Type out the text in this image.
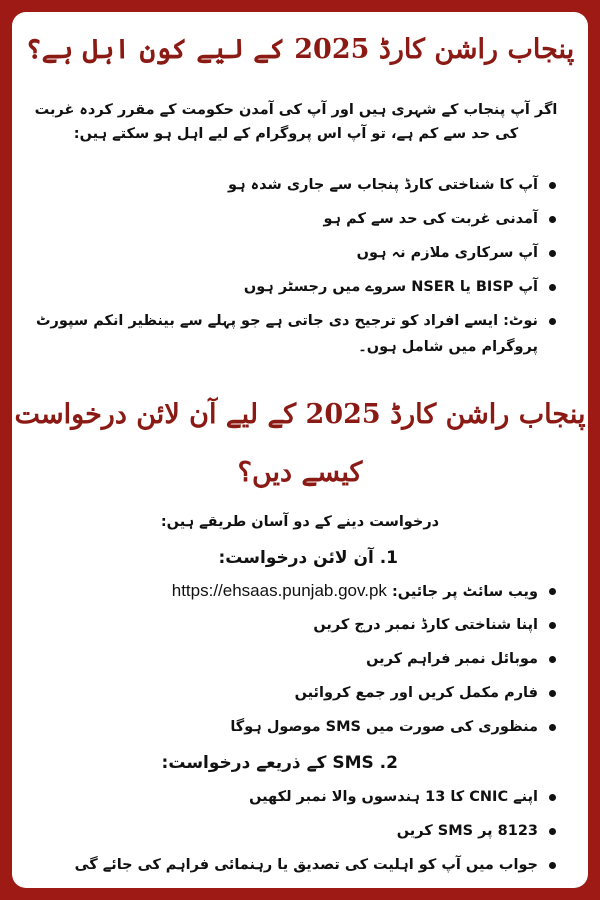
پنجاب راشن کارڈ 2025 کے لیے کون اہل ہے؟
اگر آپ پنجاب کے شہری ہیں اور آپ کی آمدن حکومت کے مقرر کردہ غربت کی حد سے کم ہے، تو آپ اس پروگرام کے لیے اہل ہو سکتے ہیں:
آپ کا شناختی کارڈ پنجاب سے جاری شدہ ہو
آمدنی غربت کی حد سے کم ہو
آپ سرکاری ملازم نہ ہوں
آپ BISP یا NSER سروے میں رجسٹر ہوں
نوٹ: ایسے افراد کو ترجیح دی جاتی ہے جو پہلے سے بینظیر انکم سپورٹ پروگرام میں شامل ہوں۔
پنجاب راشن کارڈ 2025 کے لیے آن لائن درخواست کیسے دیں؟
درخواست دینے کے دو آسان طریقے ہیں:
1. آن لائن درخواست:
ویب سائٹ پر جائیں: https://ehsaas.punjab.gov.pk
اپنا شناختی کارڈ نمبر درج کریں
موبائل نمبر فراہم کریں
فارم مکمل کریں اور جمع کروائیں
منظوری کی صورت میں SMS موصول ہوگا
2. SMS کے ذریعے درخواست:
اپنے CNIC کا 13 ہندسوں والا نمبر لکھیں
8123 پر SMS کریں
جواب میں آپ کو اہلیت کی تصدیق یا رہنمائی فراہم کی جائے گی
